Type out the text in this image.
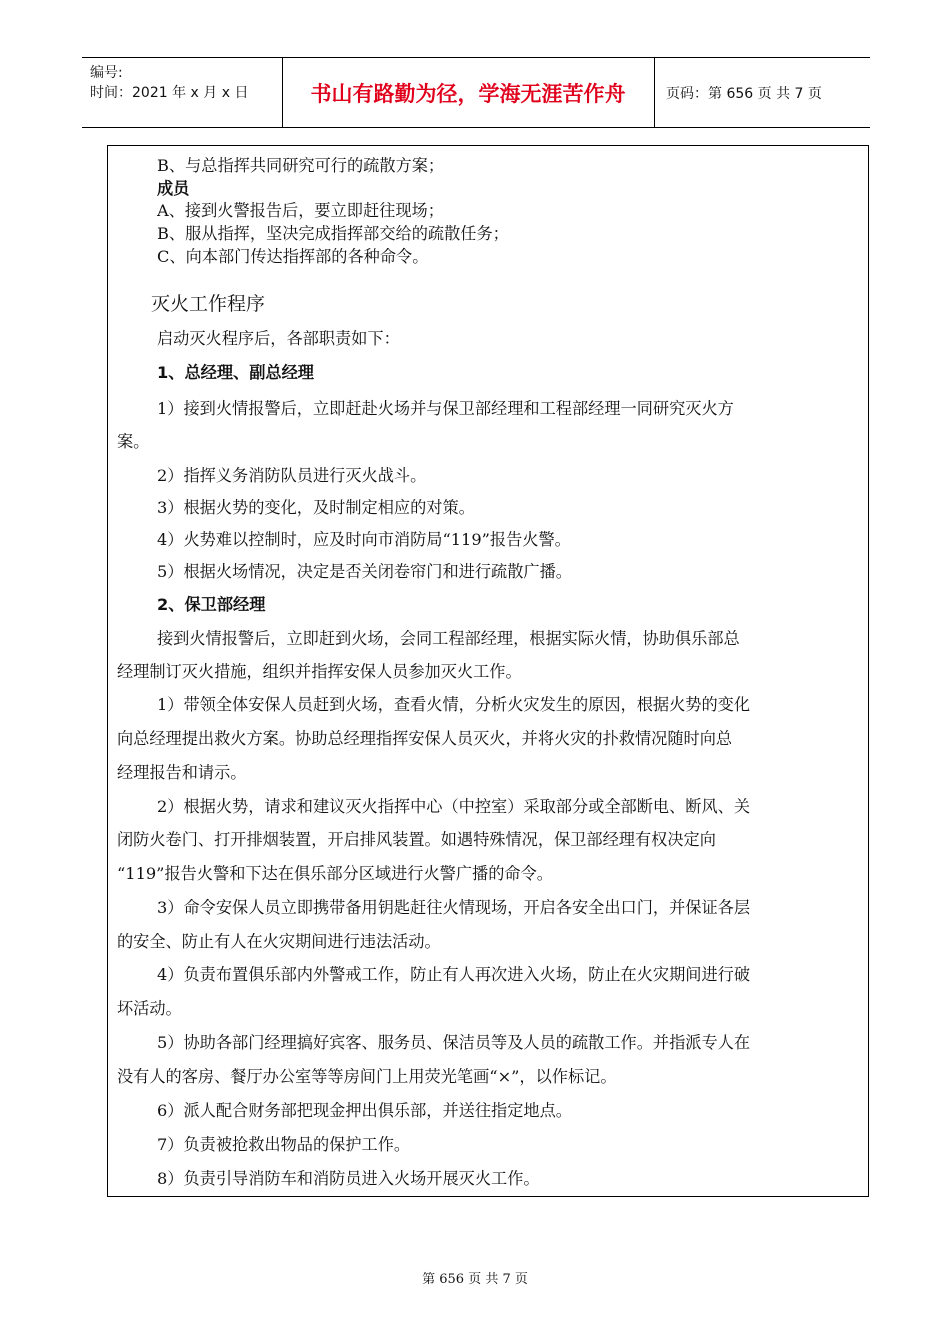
编号:
时间：2021 年 x 月 x 日	书山有路勤为径，学海无涯苦作舟	页码：第 656 页 共 7 页
B、与总指挥共同研究可行的疏散方案；
成员
A、接到火警报告后，要立即赶往现场；
B、服从指挥，坚决完成指挥部交给的疏散任务；
C、向本部门传达指挥部的各种命令。
灭火工作程序
启动灭火程序后，各部职责如下：
1、总经理、副总经理
1）接到火情报警后，立即赶赴火场并与保卫部经理和工程部经理一同研究灭火方
案。
2）指挥义务消防队员进行灭火战斗。
3）根据火势的变化，及时制定相应的对策。
4）火势难以控制时，应及时向市消防局“119”报告火警。
5）根据火场情况，决定是否关闭卷帘门和进行疏散广播。
2、保卫部经理
接到火情报警后，立即赶到火场，会同工程部经理，根据实际火情，协助俱乐部总
经理制订灭火措施，组织并指挥安保人员参加灭火工作。
1）带领全体安保人员赶到火场，查看火情，分析火灾发生的原因，根据火势的变化
向总经理提出救火方案。协助总经理指挥安保人员灭火，并将火灾的扑救情况随时向总
经理报告和请示。
2）根据火势，请求和建议灭火指挥中心（中控室）采取部分或全部断电、断风、关
闭防火卷门、打开排烟装置，开启排风装置。如遇特殊情况，保卫部经理有权决定向
“119”报告火警和下达在俱乐部分区域进行火警广播的命令。
3）命令安保人员立即携带备用钥匙赶往火情现场，开启各安全出口门，并保证各层
的安全、防止有人在火灾期间进行违法活动。
4）负责布置俱乐部内外警戒工作，防止有人再次进入火场，防止在火灾期间进行破
坏活动。
5）协助各部门经理搞好宾客、服务员、保洁员等及人员的疏散工作。并指派专人在
没有人的客房、餐厅办公室等等房间门上用荧光笔画“×”，以作标记。
6）派人配合财务部把现金押出俱乐部，并送往指定地点。
7）负责被抢救出物品的保护工作。
8）负责引导消防车和消防员进入火场开展灭火工作。
第 656 页 共 7 页
